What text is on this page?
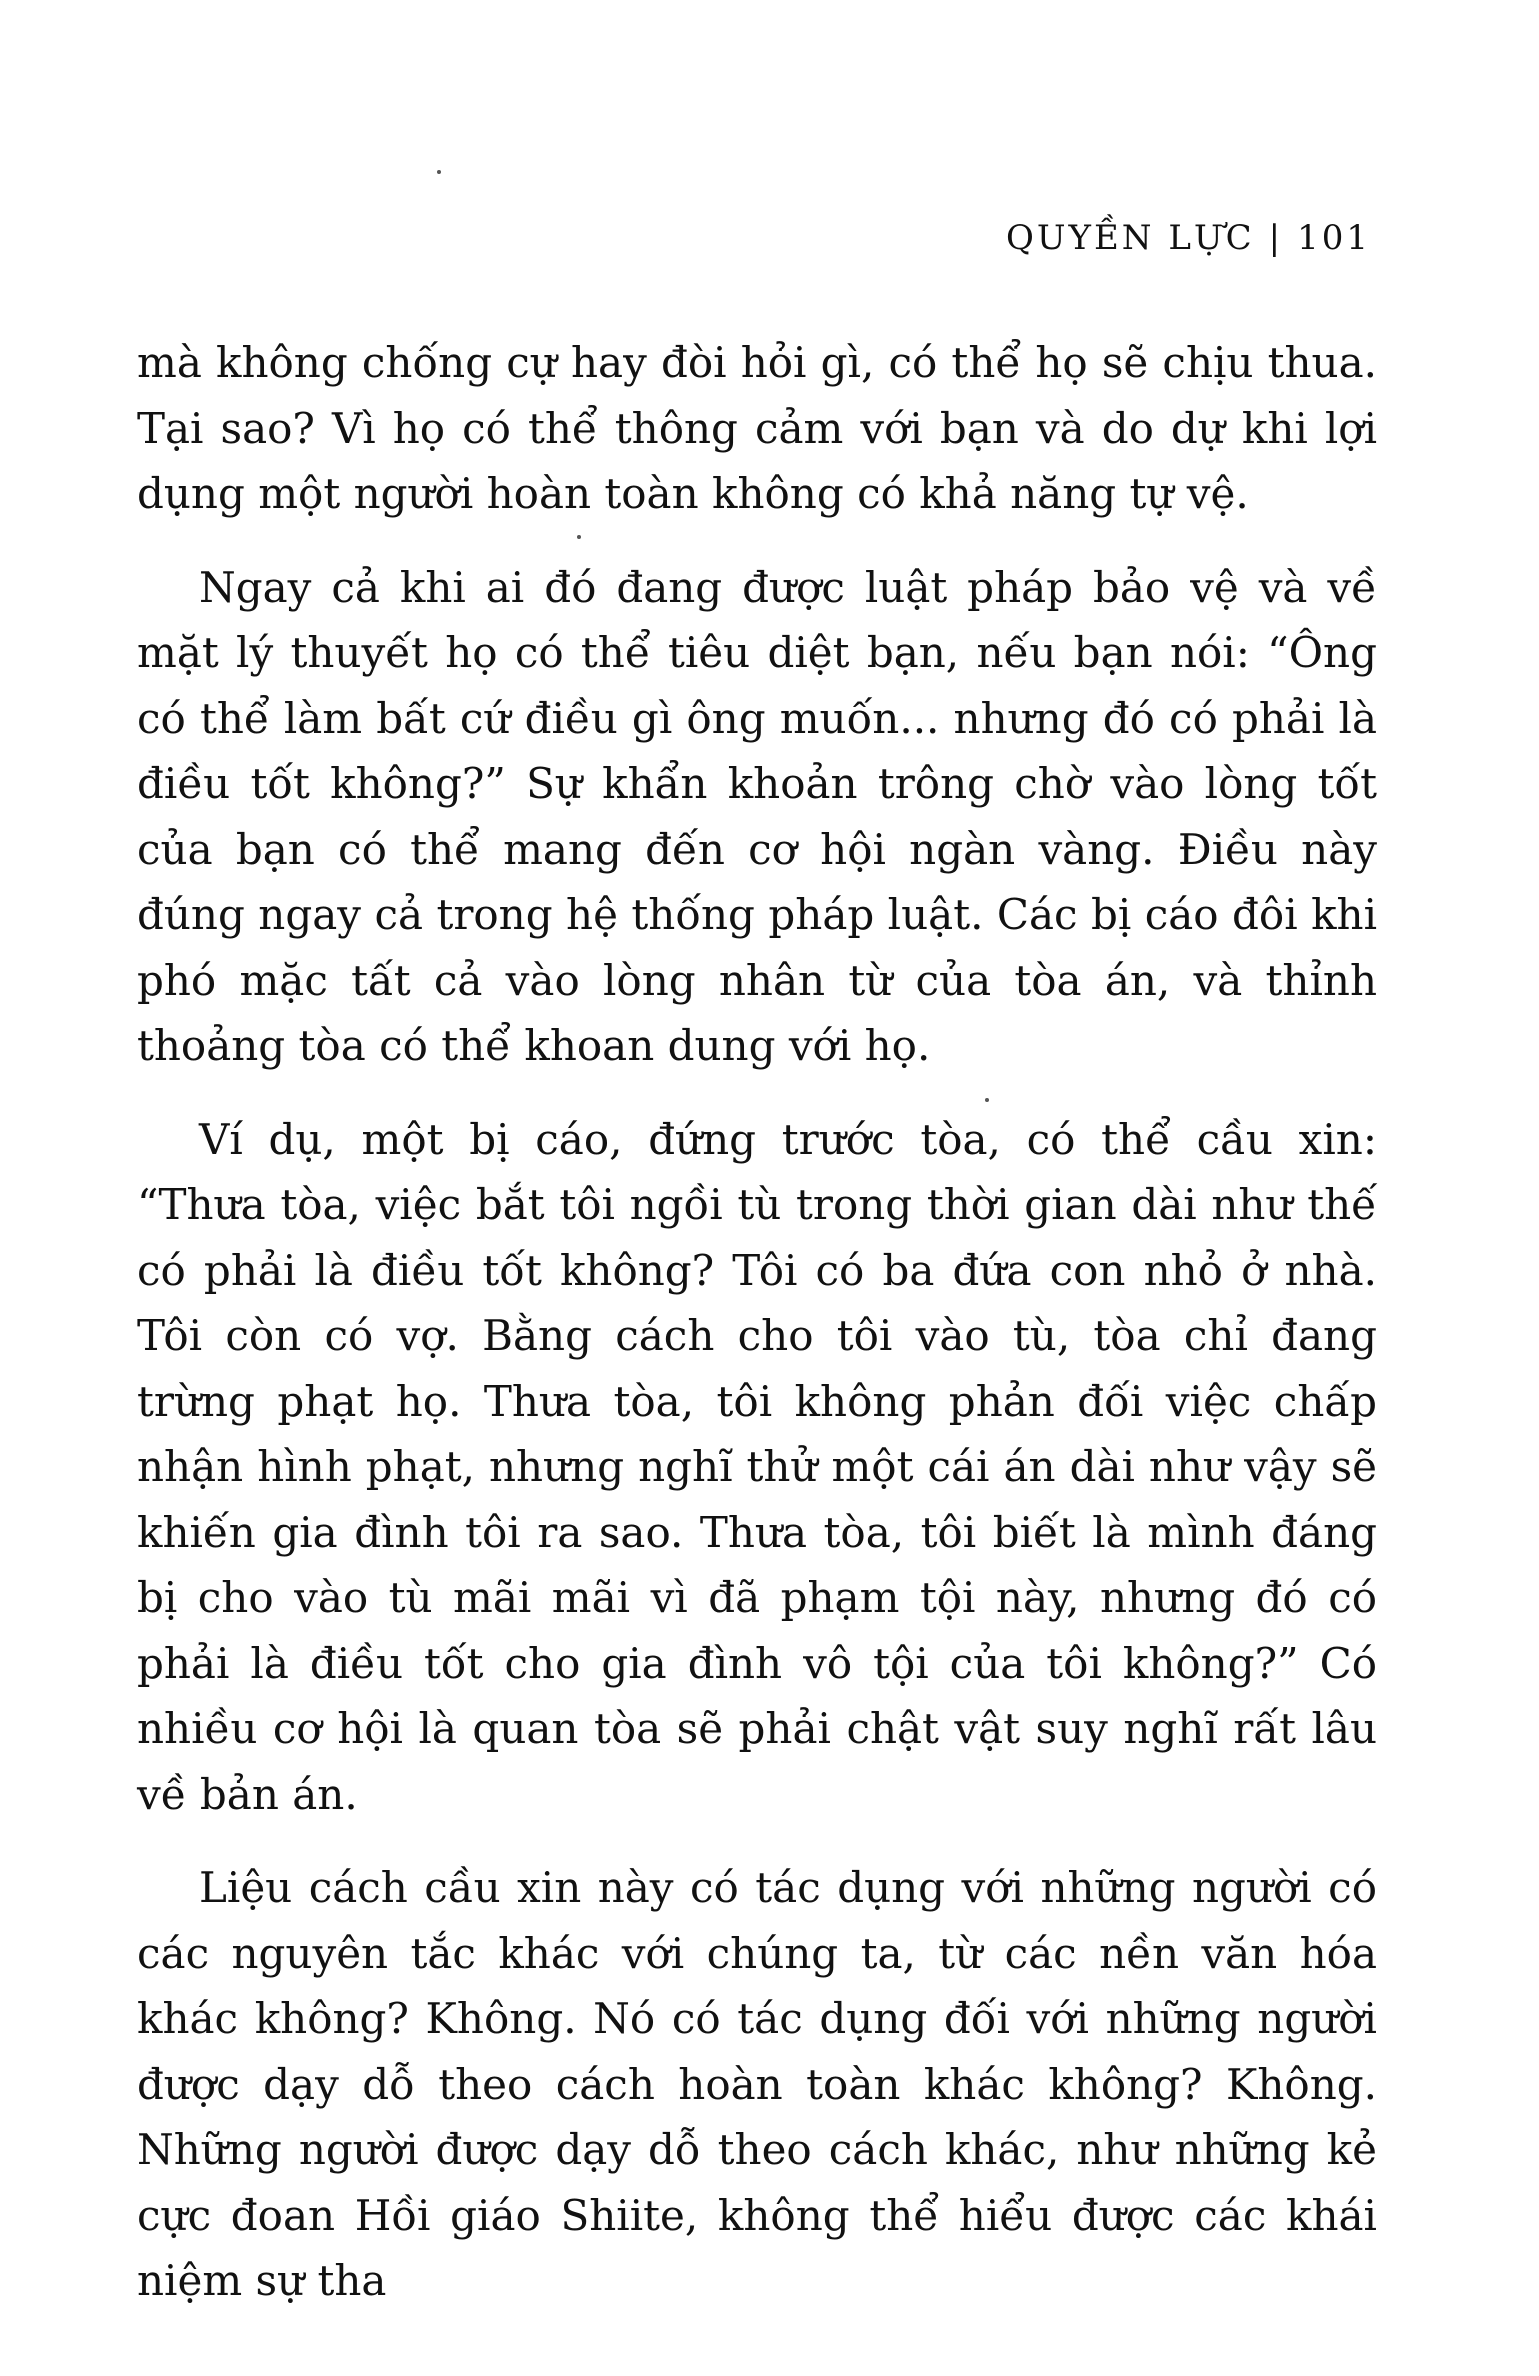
QUYỀN LỰC | 101

mà không chống cự hay đòi hỏi gì, có thể họ sẽ chịu thua. Tại sao? Vì họ có thể thông cảm với bạn và do dự khi lợi dụng một người hoàn toàn không có khả năng tự vệ.

Ngay cả khi ai đó đang được luật pháp bảo vệ và về mặt lý thuyết họ có thể tiêu diệt bạn, nếu bạn nói: “Ông có thể làm bất cứ điều gì ông muốn... nhưng đó có phải là điều tốt không?” Sự khẩn khoản trông chờ vào lòng tốt của bạn có thể mang đến cơ hội ngàn vàng. Điều này đúng ngay cả trong hệ thống pháp luật. Các bị cáo đôi khi phó mặc tất cả vào lòng nhân từ của tòa án, và thỉnh thoảng tòa có thể khoan dung với họ.

Ví dụ, một bị cáo, đứng trước tòa, có thể cầu xin: “Thưa tòa, việc bắt tôi ngồi tù trong thời gian dài như thế có phải là điều tốt không? Tôi có ba đứa con nhỏ ở nhà. Tôi còn có vợ. Bằng cách cho tôi vào tù, tòa chỉ đang trừng phạt họ. Thưa tòa, tôi không phản đối việc chấp nhận hình phạt, nhưng nghĩ thử một cái án dài như vậy sẽ khiến gia đình tôi ra sao. Thưa tòa, tôi biết là mình đáng bị cho vào tù mãi mãi vì đã phạm tội này, nhưng đó có phải là điều tốt cho gia đình vô tội của tôi không?” Có nhiều cơ hội là quan tòa sẽ phải chật vật suy nghĩ rất lâu về bản án.

Liệu cách cầu xin này có tác dụng với những người có các nguyên tắc khác với chúng ta, từ các nền văn hóa khác không? Không. Nó có tác dụng đối với những người được dạy dỗ theo cách hoàn toàn khác không? Không. Những người được dạy dỗ theo cách khác, như những kẻ cực đoan Hồi giáo Shiite, không thể hiểu được các khái niệm sự tha
